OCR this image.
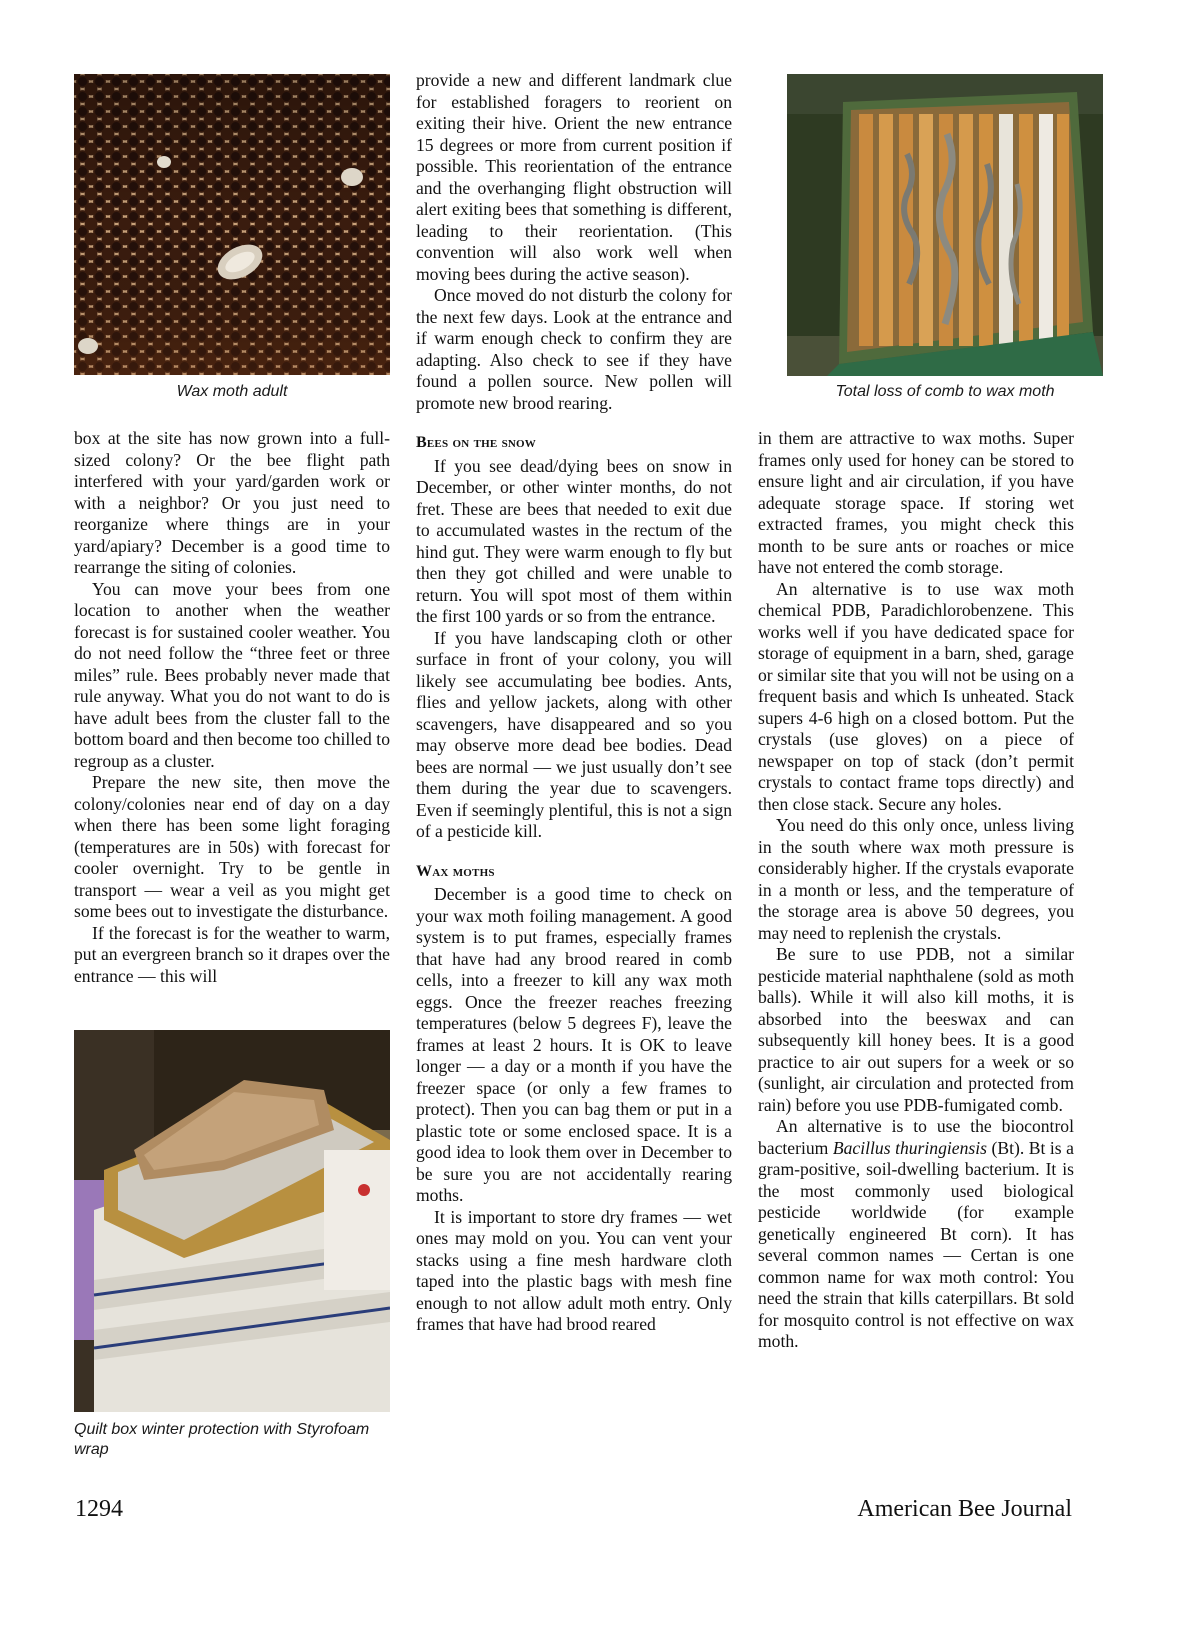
Wax moth adult	Total loss of comb to wax moth
Quilt box winter protection with Styrofoam wrap

box at the site has now grown into a full-sized colony? Or the bee flight path interfered with your yard/garden work or with a neighbor? Or you just need to reorganize where things are in your yard/apiary? December is a good time to rearrange the siting of colonies.

You can move your bees from one location to another when the weather forecast is for sustained cooler weather. You do not need follow the “three feet or three miles” rule. Bees probably never made that rule anyway. What you do not want to do is have adult bees from the cluster fall to the bottom board and then become too chilled to regroup as a cluster.

Prepare the new site, then move the colony/colonies near end of day on a day when there has been some light foraging (temperatures are in 50s) with forecast for cooler overnight. Try to be gentle in transport — wear a veil as you might get some bees out to investigate the disturbance.

If the forecast is for the weather to warm, put an evergreen branch so it drapes over the entrance — this will

provide a new and different landmark clue for established foragers to reorient on exiting their hive. Orient the new entrance 15 degrees or more from current position if possible. This reorientation of the entrance and the overhanging flight obstruction will alert exiting bees that something is different, leading to their reorientation. (This convention will also work well when moving bees during the active season).

Once moved do not disturb the colony for the next few days. Look at the entrance and if warm enough check to confirm they are adapting. Also check to see if they have found a pollen source. New pollen will promote new brood rearing.

Bees on the snow

If you see dead/dying bees on snow in December, or other winter months, do not fret. These are bees that needed to exit due to accumulated wastes in the rectum of the hind gut. They were warm enough to fly but then they got chilled and were unable to return. You will spot most of them within the first 100 yards or so from the entrance.

If you have landscaping cloth or other surface in front of your colony, you will likely see accumulating bee bodies. Ants, flies and yellow jackets, along with other scavengers, have disappeared and so you may observe more dead bee bodies. Dead bees are normal — we just usually don’t see them during the year due to scavengers. Even if seemingly plentiful, this is not a sign of a pesticide kill.

Wax moths

December is a good time to check on your wax moth foiling management. A good system is to put frames, especially frames that have had any brood reared in comb cells, into a freezer to kill any wax moth eggs. Once the freezer reaches freezing temperatures (below 5 degrees F), leave the frames at least 2 hours. It is OK to leave longer — a day or a month if you have the freezer space (or only a few frames to protect). Then you can bag them or put in a plastic tote or some enclosed space. It is a good idea to look them over in December to be sure you are not accidentally rearing moths.

It is important to store dry frames — wet ones may mold on you. You can vent your stacks using a fine mesh hardware cloth taped into the plastic bags with mesh fine enough to not allow adult moth entry. Only frames that have had brood reared

in them are attractive to wax moths. Super frames only used for honey can be stored to ensure light and air circulation, if you have adequate storage space. If storing wet extracted frames, you might check this month to be sure ants or roaches or mice have not entered the comb storage.

An alternative is to use wax moth chemical PDB, Paradichlorobenzene. This works well if you have dedicated space for storage of equipment in a barn, shed, garage or similar site that you will not be using on a frequent basis and which Is unheated. Stack supers 4-6 high on a closed bottom. Put the crystals (use gloves) on a piece of newspaper on top of stack (don’t permit crystals to contact frame tops directly) and then close stack. Secure any holes.

You need do this only once, unless living in the south where wax moth pressure is considerably higher. If the crystals evaporate in a month or less, and the temperature of the storage area is above 50 degrees, you may need to replenish the crystals.

Be sure to use PDB, not a similar pesticide material naphthalene (sold as moth balls). While it will also kill moths, it is absorbed into the beeswax and can subsequently kill honey bees. It is a good practice to air out supers for a week or so (sunlight, air circulation and protected from rain) before you use PDB-fumigated comb.

An alternative is to use the biocontrol bacterium Bacillus thuringiensis (Bt). Bt is a gram-positive, soil-dwelling bacterium. It is the most commonly used biological pesticide worldwide (for example genetically engineered Bt corn). It has several common names — Certan is one common name for wax moth control: You need the strain that kills caterpillars. Bt sold for mosquito control is not effective on wax moth.

1294	American Bee Journal
